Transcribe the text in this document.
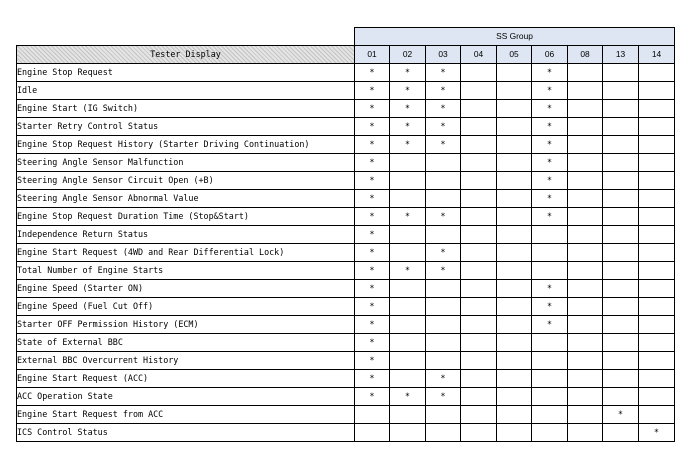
	SS Group								
Tester Display	01	02	03	04	05	06	08	13	14
Engine Stop Request	*	*	*			*			
Idle	*	*	*			*			
Engine Start (IG Switch)	*	*	*			*			
Starter Retry Control Status	*	*	*			*			
Engine Stop Request History (Starter Driving Continuation)	*	*	*			*			
Steering Angle Sensor Malfunction	*					*			
Steering Angle Sensor Circuit Open (+B)	*					*			
Steering Angle Sensor Abnormal Value	*					*			
Engine Stop Request Duration Time (Stop&Start)	*	*	*			*			
Independence Return Status	*								
Engine Start Request (4WD and Rear Differential Lock)	*		*						
Total Number of Engine Starts	*	*	*						
Engine Speed (Starter ON)	*					*			
Engine Speed (Fuel Cut Off)	*					*			
Starter OFF Permission History (ECM)	*					*			
State of External BBC	*								
External BBC Overcurrent History	*								
Engine Start Request (ACC)	*		*						
ACC Operation State	*	*	*						
Engine Start Request from ACC								*	
ICS Control Status									*
